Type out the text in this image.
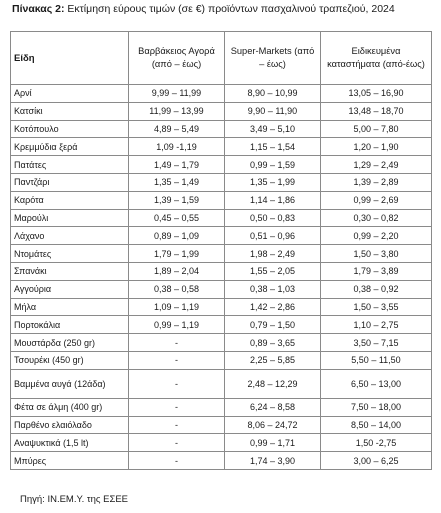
Πίνακας 2: Εκτίμηση εύρους τιμών (σε €) προϊόντων πασχαλινού τραπεζιού, 2024
Είδη	Βαρβάκειος Αγορά (από – έως)	Super-Markets (από – έως)	Ειδικευμένα καταστήματα (από-έως)
Αρνί	9,99 – 11,99	8,90 – 10,99	13,05 – 16,90
Κατσίκι	11,99 – 13,99	9,90 – 11,90	13,48 – 18,70
Κοτόπουλο	4,89 – 5,49	3,49 – 5,10	5,00 – 7,80
Κρεμμύδια ξερά	1,09 -1,19	1,15 – 1,54	1,20 – 1,90
Πατάτες	1,49 – 1,79	0,99 – 1,59	1,29 – 2,49
Παντζάρι	1,35 – 1,49	1,35 – 1,99	1,39 – 2,89
Καρότα	1,39 – 1,59	1,14 – 1,86	0,99 – 2,69
Μαρούλι	0,45 – 0,55	0,50 – 0,83	0,30 – 0,82
Λάχανο	0,89 – 1,09	0,51 – 0,96	0,99 – 2,20
Ντομάτες	1,79 – 1,99	1,98 – 2,49	1,50 – 3,80
Σπανάκι	1,89 – 2,04	1,55 – 2,05	1,79 – 3,89
Αγγούρια	0,38 – 0,58	0,38 – 1,03	0,38 – 0,92
Μήλα	1,09 – 1,19	1,42 – 2,86	1,50 – 3,55
Πορτοκάλια	0,99 – 1,19	0,79 – 1,50	1,10 – 2,75
Μουστάρδα (250 gr)	-	0,89 – 3,65	3,50 – 7,15
Τσουρέκι (450 gr)	-	2,25 – 5,85	5,50 – 11,50
Βαμμένα αυγά (12άδα)	-	2,48 – 12,29	6,50 – 13,00
Φέτα σε άλμη (400 gr)	-	6,24 – 8,58	7,50 – 18,00
Παρθένο ελαιόλαδο	-	8,06 – 24,72	8,50 – 14,00
Αναψυκτικά (1,5 lt)	-	0,99 – 1,71	1,50 -2,75
Μπύρες	-	1,74 – 3,90	3,00 – 6,25
Πηγή: ΙΝ.ΕΜ.Υ. της ΕΣΕΕ
